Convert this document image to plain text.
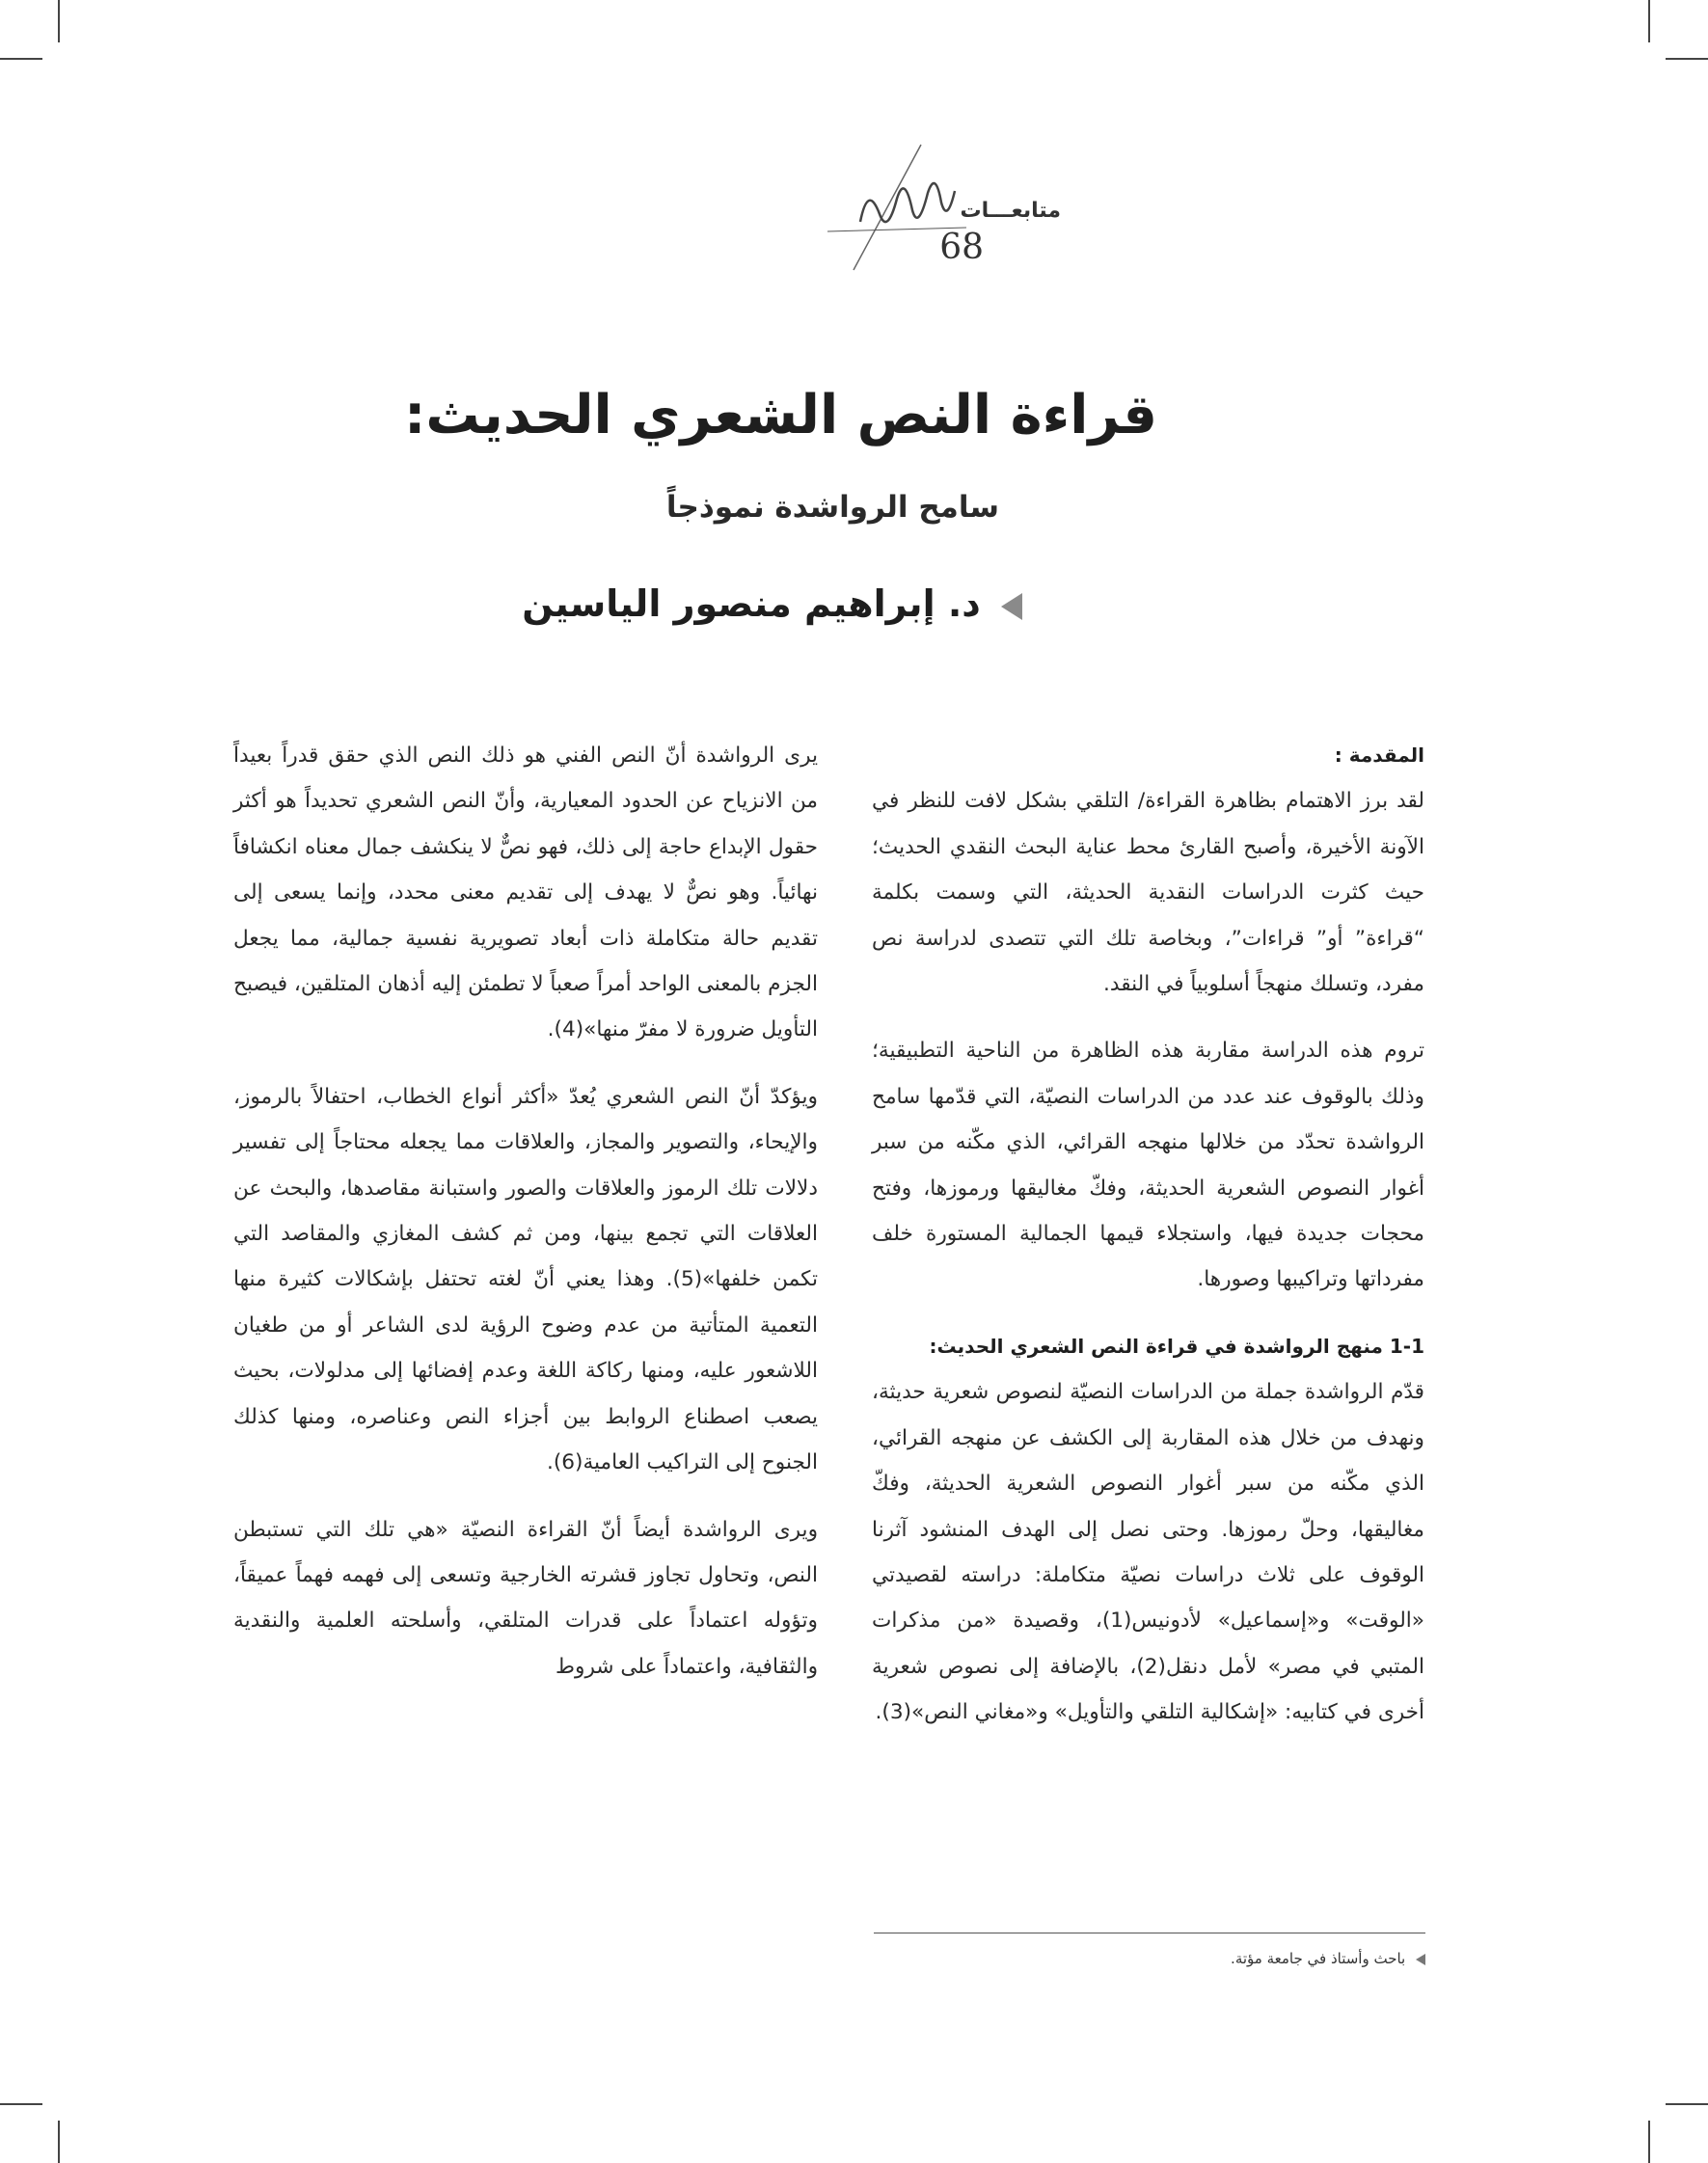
متابعـــات
68
قراءة النص الشعري الحديث:
سامح الرواشدة نموذجاً
د. إبراهيم منصور الياسين

المقدمة :

لقد برز الاهتمام بظاهرة القراءة/ التلقي بشكل لافت للنظر في الآونة الأخيرة، وأصبح القارئ محط عناية البحث النقدي الحديث؛ حيث كثرت الدراسات النقدية الحديثة، التي وسمت بكلمة “قراءة” أو” قراءات”، وبخاصة تلك التي تتصدى لدراسة نص مفرد، وتسلك منهجاً أسلوبياً في النقد.

تروم هذه الدراسة مقاربة هذه الظاهرة من الناحية التطبيقية؛ وذلك بالوقوف عند عدد من الدراسات النصيّة، التي قدّمها سامح الرواشدة تحدّد من خلالها منهجه القرائي، الذي مكّنه من سبر أغوار النصوص الشعرية الحديثة، وفكّ مغاليقها ورموزها، وفتح محجات جديدة فيها، واستجلاء قيمها الجمالية المستورة خلف مفرداتها وتراكيبها وصورها.

1-1 منهج الرواشدة في قراءة النص الشعري الحديث:

قدّم الرواشدة جملة من الدراسات النصيّة لنصوص شعرية حديثة، ونهدف من خلال هذه المقاربة إلى الكشف عن منهجه القرائي، الذي مكّنه من سبر أغوار النصوص الشعرية الحديثة، وفكّ مغاليقها، وحلّ رموزها. وحتى نصل إلى الهدف المنشود آثرنا الوقوف على ثلاث دراسات نصيّة متكاملة: دراسته لقصيدتي «الوقت» و«إسماعيل» لأدونيس(1)، وقصيدة «من مذكرات المتبي في مصر» لأمل دنقل(2)، بالإضافة إلى نصوص شعرية أخرى في كتابيه: «إشكالية التلقي والتأويل» و«مغاني النص»(3).

يرى الرواشدة أنّ النص الفني هو ذلك النص الذي حقق قدراً بعيداً من الانزياح عن الحدود المعيارية، وأنّ النص الشعري تحديداً هو أكثر حقول الإبداع حاجة إلى ذلك، فهو نصٌّ لا ينكشف جمال معناه انكشافاً نهائياً. وهو نصٌّ لا يهدف إلى تقديم معنى محدد، وإنما يسعى إلى تقديم حالة متكاملة ذات أبعاد تصويرية نفسية جمالية، مما يجعل الجزم بالمعنى الواحد أمراً صعباً لا تطمئن إليه أذهان المتلقين، فيصبح التأويل ضرورة لا مفرّ منها»(4).

ويؤكدّ أنّ النص الشعري يُعدّ «أكثر أنواع الخطاب، احتفالاً بالرموز، والإيحاء، والتصوير والمجاز، والعلاقات مما يجعله محتاجاً إلى تفسير دلالات تلك الرموز والعلاقات والصور واستبانة مقاصدها، والبحث عن العلاقات التي تجمع بينها، ومن ثم كشف المغازي والمقاصد التي تكمن خلفها»(5). وهذا يعني أنّ لغته تحتفل بإشكالات كثيرة منها التعمية المتأتية من عدم وضوح الرؤية لدى الشاعر أو من طغيان اللاشعور عليه، ومنها ركاكة اللغة وعدم إفضائها إلى مدلولات، بحيث يصعب اصطناع الروابط بين أجزاء النص وعناصره، ومنها كذلك الجنوح إلى التراكيب العامية(6).

ويرى الرواشدة أيضاً أنّ القراءة النصيّة «هي تلك التي تستبطن النص، وتحاول تجاوز قشرته الخارجية وتسعى إلى فهمه فهماً عميقاً، وتؤوله اعتماداً على قدرات المتلقي، وأسلحته العلمية والنقدية والثقافية، واعتماداً على شروط

باحث وأستاذ في جامعة مؤتة.
